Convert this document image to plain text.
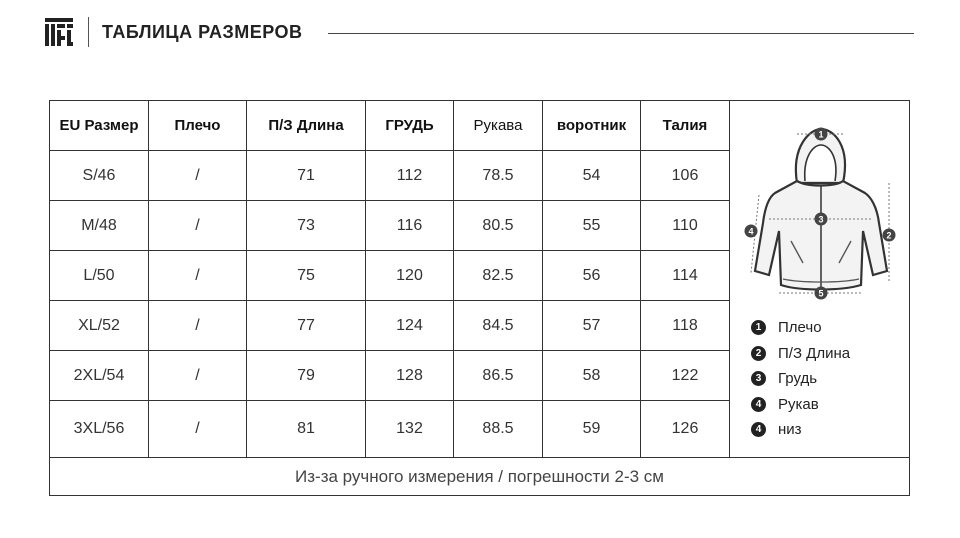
ТАБЛИЦА РАЗМЕРОВ
EU Размер	Плечо	П/З Длина	ГРУДЬ	Рукава	воротник	Талия
S/46	/	71	112	78.5	54	106
M/48	/	73	116	80.5	55	110
L/50	/	75	120	82.5	56	114
XL/52	/	77	124	84.5	57	118
2XL/54	/	79	128	86.5	58	122
3XL/56	/	81	132	88.5	59	126
1
2
3
4
5
1	Плечо
2	П/З Длина
3	Грудь
4	Рукав
4	низ
Из-за ручного измерения / погрешности 2-3 см
